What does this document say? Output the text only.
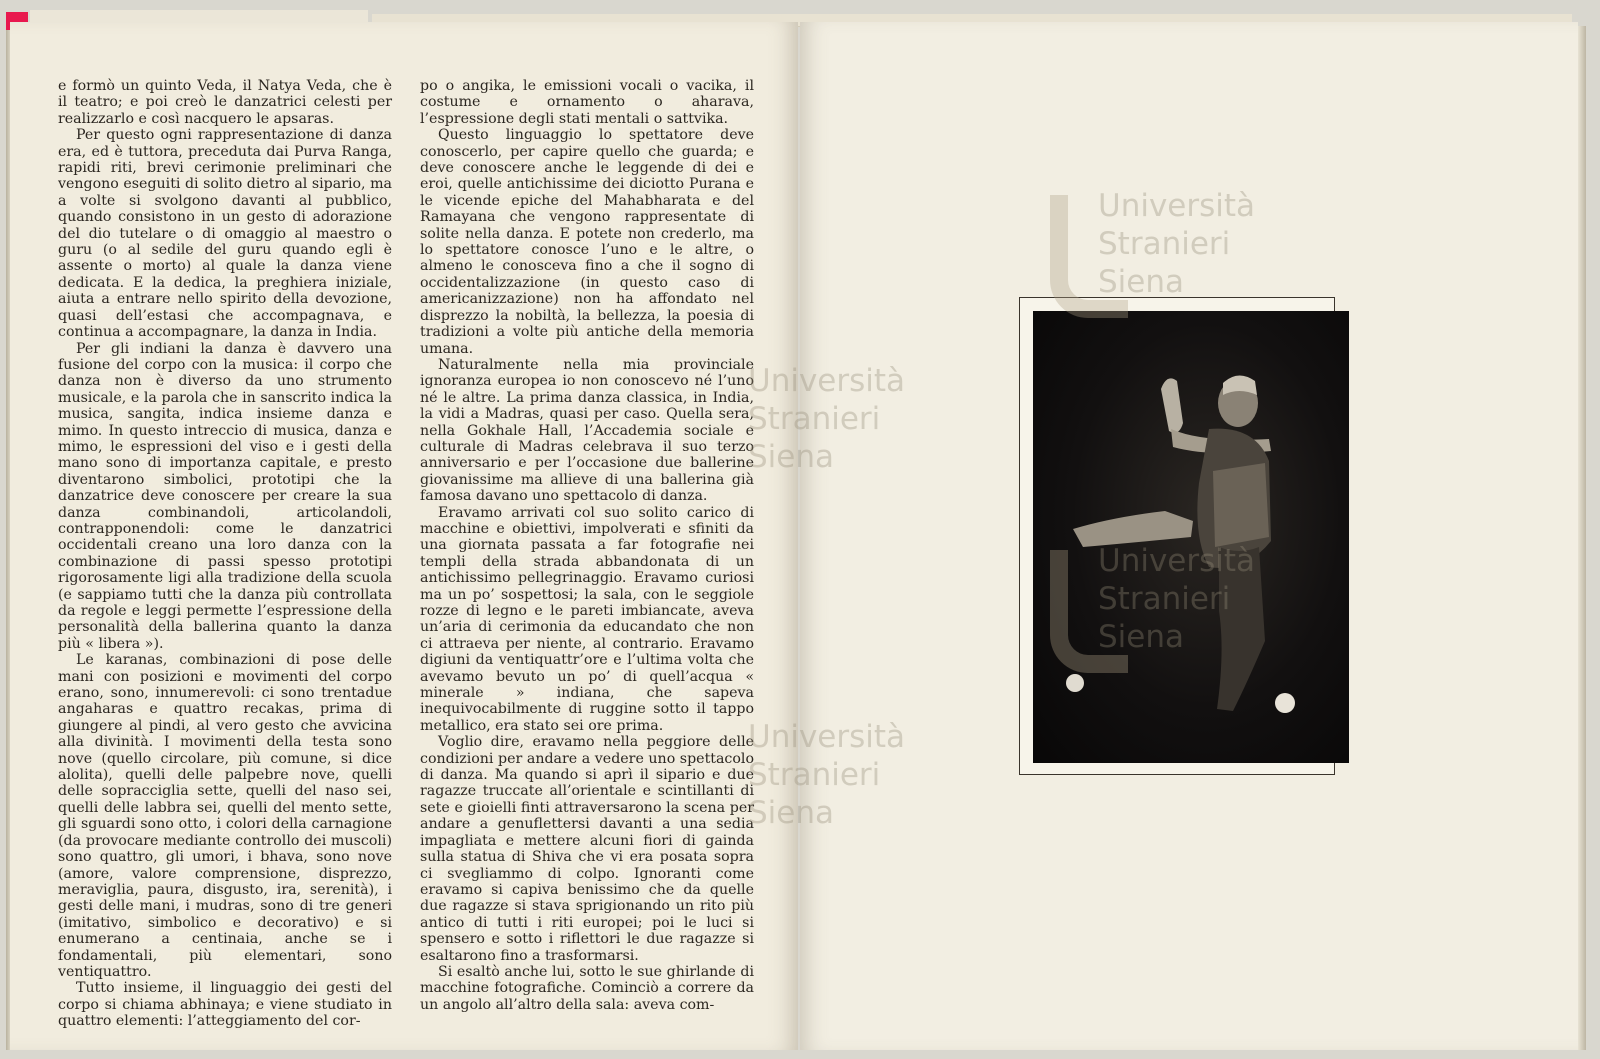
e formò un quinto Veda, il Natya Veda, che è il teatro; e poi creò le danzatrici celesti per realizzarlo e così nacquero le apsaras.

Per questo ogni rappresentazione di danza era, ed è tuttora, preceduta dai Purva Ranga, rapidi riti, brevi cerimonie preliminari che vengono eseguiti di solito dietro al sipario, ma a volte si svolgono davanti al pubblico, quando consistono in un gesto di adorazione del dio tutelare o di omaggio al maestro o guru (o al sedile del guru quando egli è assente o morto) al quale la danza viene dedicata. E la dedica, la preghiera iniziale, aiuta a entrare nello spirito della devozione, quasi dell’estasi che accompagnava, e continua a accompagnare, la danza in India.

Per gli indiani la danza è davvero una fusione del corpo con la musica: il corpo che danza non è diverso da uno strumento musicale, e la parola che in sanscrito indica la musica, sangita, indica insieme danza e mimo. In questo intreccio di musica, danza e mimo, le espressioni del viso e i gesti della mano sono di importanza capitale, e presto diventarono simbolici, prototipi che la danzatrice deve conoscere per creare la sua danza combinandoli, articolandoli, contrapponendoli: come le danzatrici occidentali creano una loro danza con la combinazione di passi spesso prototipi rigorosamente ligi alla tradizione della scuola (e sappiamo tutti che la danza più controllata da regole e leggi permette l’espressione della personalità della ballerina quanto la danza più « libera »).

Le karanas, combinazioni di pose delle mani con posizioni e movimenti del corpo erano, sono, innumerevoli: ci sono trentadue angaharas e quattro recakas, prima di giungere al pindi, al vero gesto che avvicina alla divinità. I movimenti della testa sono nove (quello circolare, più comune, si dice alolita), quelli delle palpebre nove, quelli delle sopracciglia sette, quelli del naso sei, quelli delle labbra sei, quelli del mento sette, gli sguardi sono otto, i colori della carnagione (da provocare mediante controllo dei muscoli) sono quattro, gli umori, i bhava, sono nove (amore, valore comprensione, disprezzo, meraviglia, paura, disgusto, ira, serenità), i gesti delle mani, i mudras, sono di tre generi (imitativo, simbolico e decorativo) e si enumerano a centinaia, anche se i fondamentali, più elementari, sono ventiquattro.

Tutto insieme, il linguaggio dei gesti del corpo si chiama abhinaya; e viene studiato in quattro elementi: l’atteggiamento del cor-

po o angika, le emissioni vocali o vacika, il costume e ornamento o aharava, l’espressione degli stati mentali o sattvika.

Questo linguaggio lo spettatore deve conoscerlo, per capire quello che guarda; e deve conoscere anche le leggende di dei e eroi, quelle antichissime dei diciotto Purana e le vicende epiche del Mahabharata e del Ramayana che vengono rappresentate di solite nella danza. E potete non crederlo, ma lo spettatore conosce l’uno e le altre, o almeno le conosceva fino a che il sogno di occidentalizzazione (in questo caso di americanizzazione) non ha affondato nel disprezzo la nobiltà, la bellezza, la poesia di tradizioni a volte più antiche della memoria umana.

Naturalmente nella mia provinciale ignoranza europea io non conoscevo né l’uno né le altre. La prima danza classica, in India, la vidi a Madras, quasi per caso. Quella sera, nella Gokhale Hall, l’Accademia sociale e culturale di Madras celebrava il suo terzo anniversario e per l’occasione due ballerine giovanissime ma allieve di una ballerina già famosa davano uno spettacolo di danza.

Eravamo arrivati col suo solito carico di macchine e obiettivi, impolverati e sfiniti da una giornata passata a far fotografie nei templi della strada abbandonata di un antichissimo pellegrinaggio. Eravamo curiosi ma un po’ sospettosi; la sala, con le seggiole rozze di legno e le pareti imbiancate, aveva un’aria di cerimonia da educandato che non ci attraeva per niente, al contrario. Eravamo digiuni da ventiquattr’ore e l’ultima volta che avevamo bevuto un po’ di quell’acqua « minerale » indiana, che sapeva inequivocabilmente di ruggine sotto il tappo metallico, era stato sei ore prima.

Voglio dire, eravamo nella peggiore delle condizioni per andare a vedere uno spettacolo di danza. Ma quando si aprì il sipario e due ragazze truccate all’orientale e scintillanti di sete e gioielli finti attraversarono la scena per andare a genuflettersi davanti a una sedia impagliata e mettere alcuni fiori di gainda sulla statua di Shiva che vi era posata sopra ci svegliammo di colpo. Ignoranti come eravamo si capiva benissimo che da quelle due ragazze si stava sprigionando un rito più antico di tutti i riti europei; poi le luci si spensero e sotto i riflettori le due ragazze si esaltarono fino a trasformarsi.

Si esaltò anche lui, sotto le sue ghirlande di macchine fotografiche. Cominciò a correre da un angolo all’altro della sala: aveva com-

Università
Stranieri
Siena
Università
Stranieri
Siena
Università
Stranieri
Siena
Università
Stranieri
Siena
